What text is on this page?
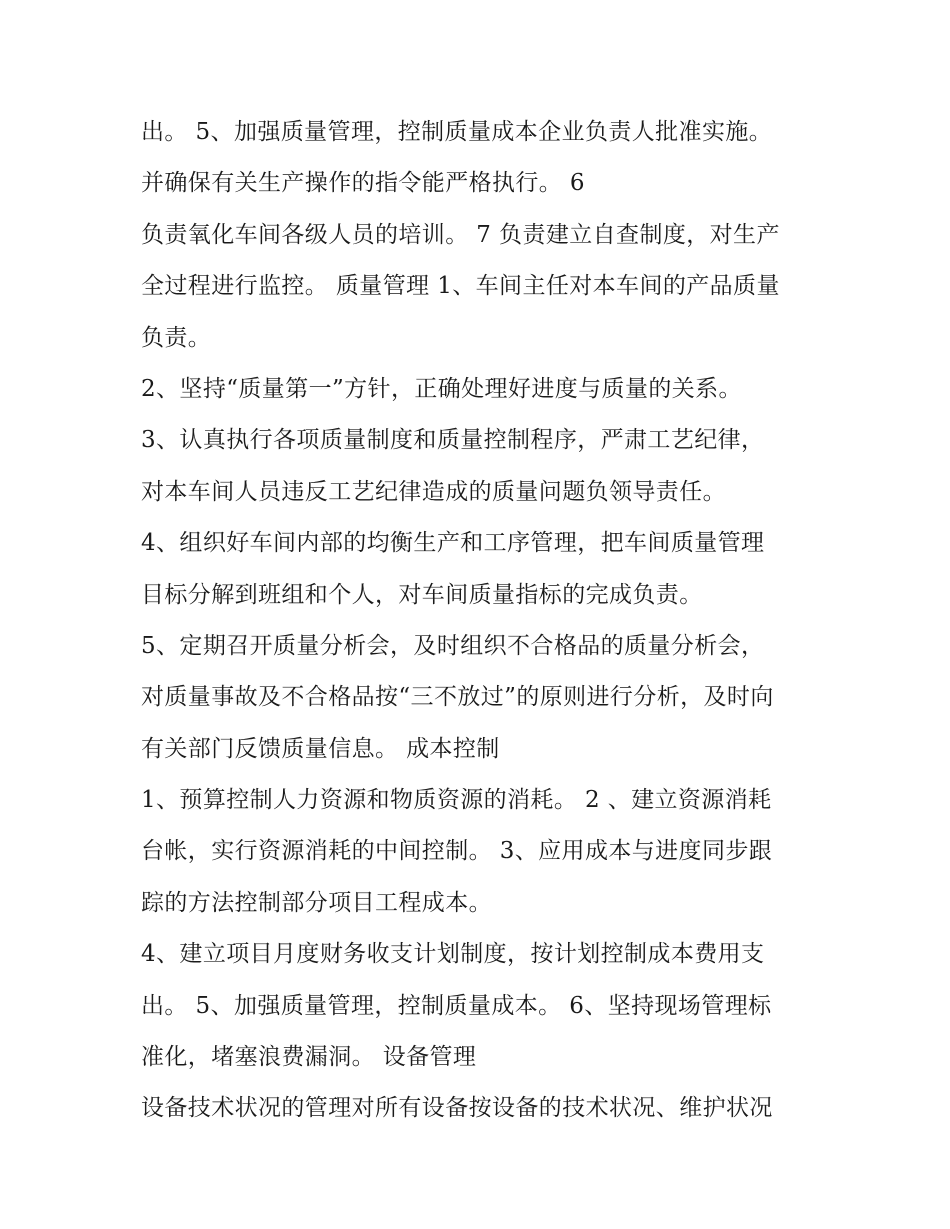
出。 5、加强质量管理，控制质量成本企业负责人批准实施。
并确保有关生产操作的指令能严格执行。 6
负责氧化车间各级人员的培训。 7 负责建立自查制度，对生产
全过程进行监控。 质量管理 1、车间主任对本车间的产品质量
负责。
2、坚持“质量第一”方针，正确处理好进度与质量的关系。
3、认真执行各项质量制度和质量控制程序，严肃工艺纪律，
对本车间人员违反工艺纪律造成的质量问题负领导责任。
4、组织好车间内部的均衡生产和工序管理，把车间质量管理
目标分解到班组和个人，对车间质量指标的完成负责。
5、定期召开质量分析会，及时组织不合格品的质量分析会，
对质量事故及不合格品按“三不放过”的原则进行分析，及时向
有关部门反馈质量信息。 成本控制
1、预算控制人力资源和物质资源的消耗。 2 、建立资源消耗
台帐，实行资源消耗的中间控制。 3、应用成本与进度同步跟
踪的方法控制部分项目工程成本。
4、建立项目月度财务收支计划制度，按计划控制成本费用支
出。 5、加强质量管理，控制质量成本。 6、坚持现场管理标
准化，堵塞浪费漏洞。 设备管理
设备技术状况的管理对所有设备按设备的技术状况、维护状况
